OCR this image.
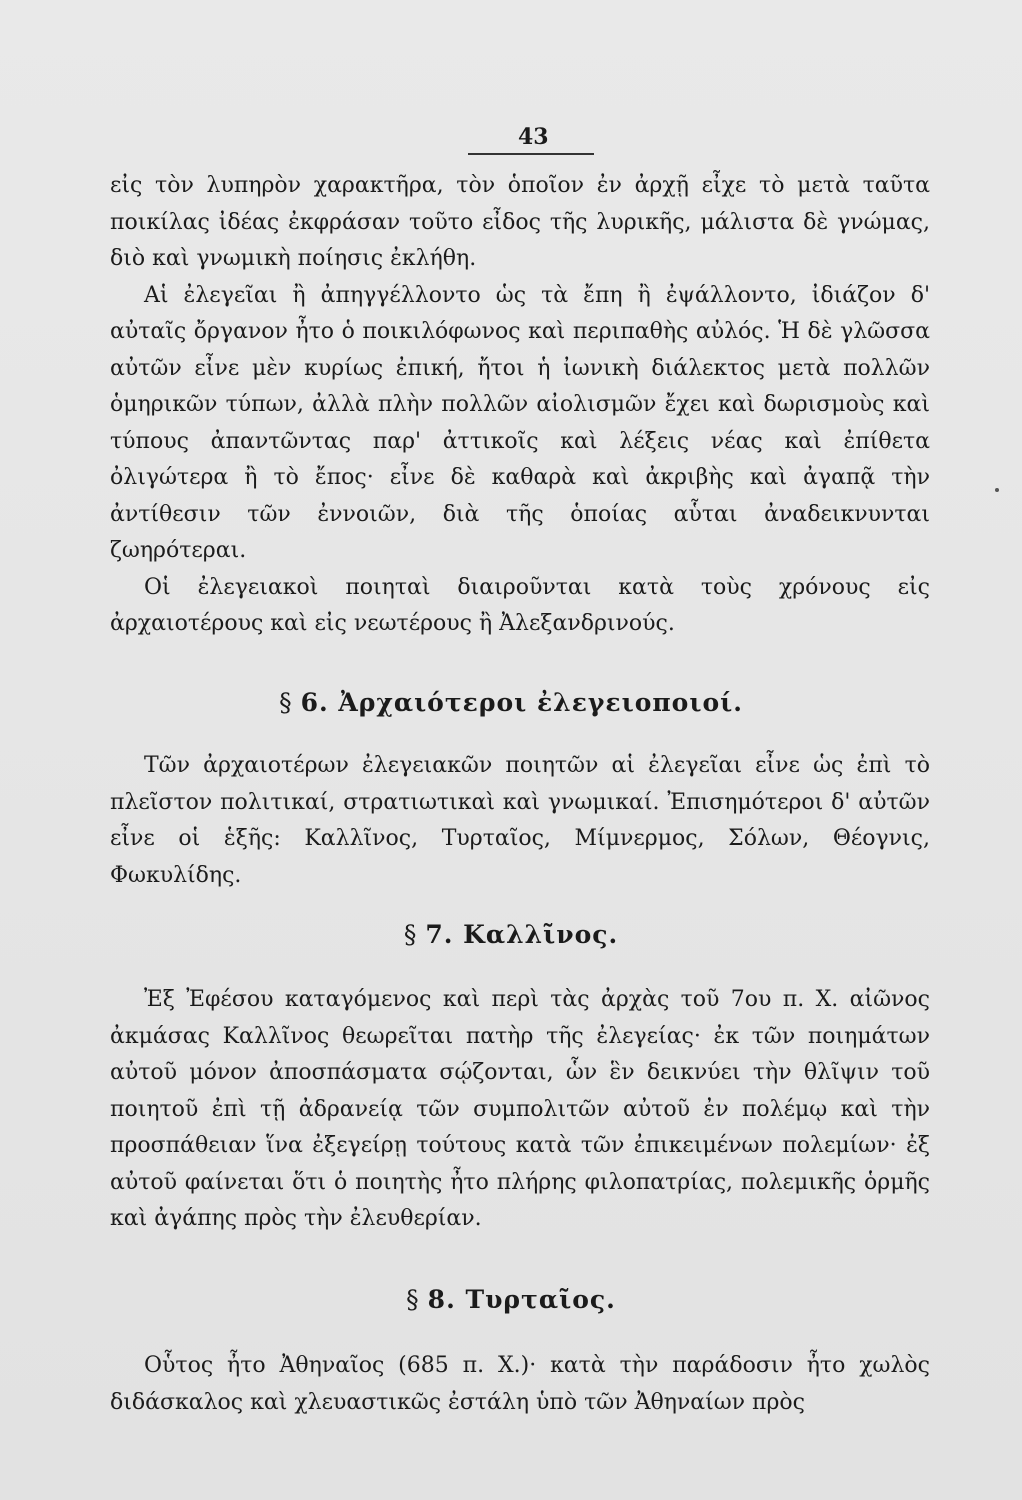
43

εἰς τὸν λυπηρὸν χαρακτῆρα, τὸν ὁποῖον ἐν ἀρχῇ εἶχε τὸ μετὰ ταῦτα ποικίλας ἰδέας ἐκφράσαν τοῦτο εἶδος τῆς λυρικῆς, μάλιστα δὲ γνώμας, διὸ καὶ γνωμικὴ ποίησις ἐκλήθη.

Αἱ ἐλεγεῖαι ἢ ἀπηγγέλλοντο ὡς τὰ ἔπη ἢ ἐψάλλοντο, ἰδιάζον δ' αὐταῖς ὄργανον ἦτο ὁ ποικιλόφωνος καὶ περιπαθὴς αὐλός. Ἡ δὲ γλῶσσα αὐτῶν εἶνε μὲν κυρίως ἐπική, ἤτοι ἡ ἰωνικὴ διάλεκτος μετὰ πολλῶν ὁμηρικῶν τύπων, ἀλλὰ πλὴν πολλῶν αἰολισμῶν ἔχει καὶ δωρισμοὺς καὶ τύπους ἀπαντῶντας παρ' ἀττικοῖς καὶ λέξεις νέας καὶ ἐπίθετα ὀλιγώτερα ἢ τὸ ἔπος· εἶνε δὲ καθαρὰ καὶ ἀκριβὴς καὶ ἀγαπᾷ τὴν ἀντίθεσιν τῶν ἐννοιῶν, διὰ τῆς ὁποίας αὗται ἀναδεικνυνται ζωηρότεραι.

Οἱ ἐλεγειακοὶ ποιηταὶ διαιροῦνται κατὰ τοὺς χρόνους εἰς ἀρχαιοτέρους καὶ εἰς νεωτέρους ἢ Ἀλεξανδρινούς.

§ 6. Ἀρχαιότεροι ἐλεγειοποιοί.

Τῶν ἀρχαιοτέρων ἐλεγειακῶν ποιητῶν αἱ ἐλεγεῖαι εἶνε ὡς ἐπὶ τὸ πλεῖστον πολιτικαί, στρατιωτικαὶ καὶ γνωμικαί. Ἐπισημότεροι δ' αὐτῶν εἶνε οἱ ἑξῆς: Καλλῖνος, Τυρταῖος, Μίμνερμος, Σόλων, Θέογνις, Φωκυλίδης.

§ 7. Καλλῖνος.

Ἐξ Ἐφέσου καταγόμενος καὶ περὶ τὰς ἀρχὰς τοῦ 7ου π. Χ. αἰῶνος ἀκμάσας Καλλῖνος θεωρεῖται πατὴρ τῆς ἐλεγείας· ἐκ τῶν ποιημάτων αὐτοῦ μόνον ἀποσπάσματα σῴζονται, ὧν ἓν δεικνύει τὴν θλῖψιν τοῦ ποιητοῦ ἐπὶ τῇ ἀδρανείᾳ τῶν συμπολιτῶν αὐτοῦ ἐν πολέμῳ καὶ τὴν προσπάθειαν ἵνα ἐξεγείρῃ τούτους κατὰ τῶν ἐπικειμένων πολεμίων· ἐξ αὐτοῦ φαίνεται ὅτι ὁ ποιητὴς ἦτο πλήρης φιλοπατρίας, πολεμικῆς ὁρμῆς καὶ ἀγάπης πρὸς τὴν ἐλευθερίαν.

§ 8. Τυρταῖος.

Οὗτος ἦτο Ἀθηναῖος (685 π. Χ.)· κατὰ τὴν παράδοσιν ἦτο χωλὸς διδάσκαλος καὶ χλευαστικῶς ἐστάλη ὑπὸ τῶν Ἀθηναίων πρὸς
